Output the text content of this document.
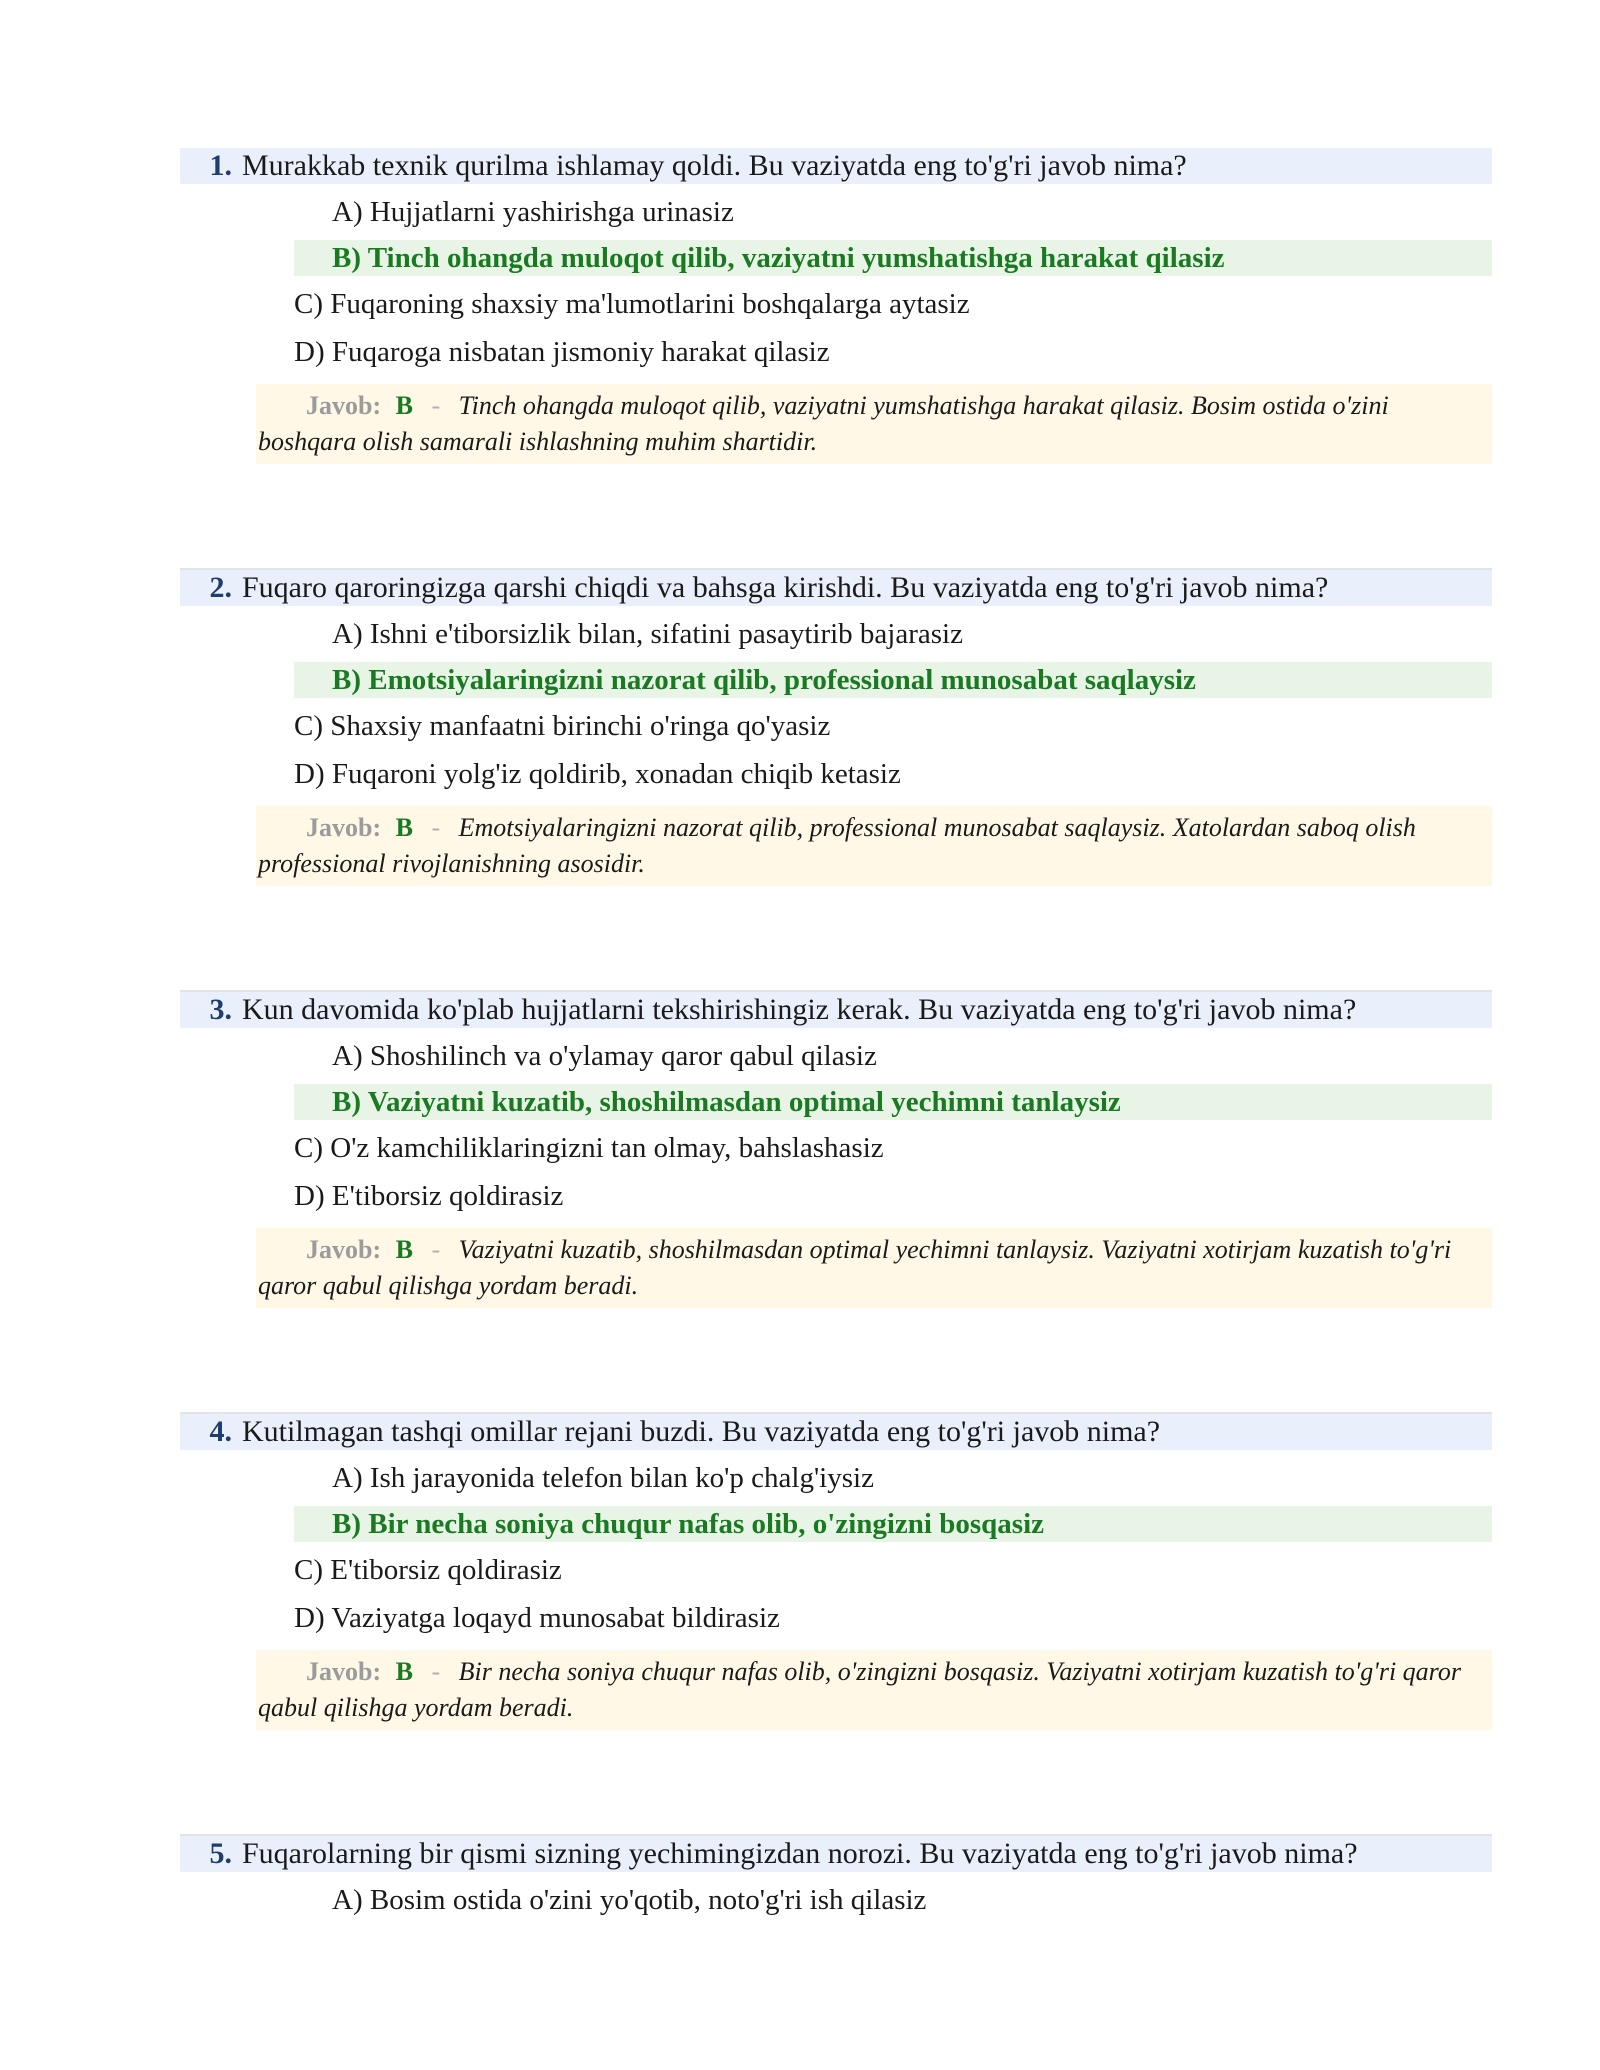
1. Murakkab texnik qurilma ishlamay qoldi. Bu vaziyatda eng to'g'ri javob nima?
A) Hujjatlarni yashirishga urinasiz
B) Tinch ohangda muloqot qilib, vaziyatni yumshatishga harakat qilasiz
C) Fuqaroning shaxsiy ma'lumotlarini boshqalarga aytasiz
D) Fuqaroga nisbatan jismoniy harakat qilasiz
Javob: B - Tinch ohangda muloqot qilib, vaziyatni yumshatishga harakat qilasiz. Bosim ostida o'zini boshqara olish samarali ishlashning muhim shartidir.
2. Fuqaro qaroringizga qarshi chiqdi va bahsga kirishdi. Bu vaziyatda eng to'g'ri javob nima?
A) Ishni e'tiborsizlik bilan, sifatini pasaytirib bajarasiz
B) Emotsiyalaringizni nazorat qilib, professional munosabat saqlaysiz
C) Shaxsiy manfaatni birinchi o'ringa qo'yasiz
D) Fuqaroni yolg'iz qoldirib, xonadan chiqib ketasiz
Javob: B - Emotsiyalaringizni nazorat qilib, professional munosabat saqlaysiz. Xatolardan saboq olish professional rivojlanishning asosidir.
3. Kun davomida ko'plab hujjatlarni tekshirishingiz kerak. Bu vaziyatda eng to'g'ri javob nima?
A) Shoshilinch va o'ylamay qaror qabul qilasiz
B) Vaziyatni kuzatib, shoshilmasdan optimal yechimni tanlaysiz
C) O'z kamchiliklaringizni tan olmay, bahslashasiz
D) E'tiborsiz qoldirasiz
Javob: B - Vaziyatni kuzatib, shoshilmasdan optimal yechimni tanlaysiz. Vaziyatni xotirjam kuzatish to'g'ri qaror qabul qilishga yordam beradi.
4. Kutilmagan tashqi omillar rejani buzdi. Bu vaziyatda eng to'g'ri javob nima?
A) Ish jarayonida telefon bilan ko'p chalg'iysiz
B) Bir necha soniya chuqur nafas olib, o'zingizni bosqasiz
C) E'tiborsiz qoldirasiz
D) Vaziyatga loqayd munosabat bildirasiz
Javob: B - Bir necha soniya chuqur nafas olib, o'zingizni bosqasiz. Vaziyatni xotirjam kuzatish to'g'ri qaror qabul qilishga yordam beradi.
5. Fuqarolarning bir qismi sizning yechimingizdan norozi. Bu vaziyatda eng to'g'ri javob nima?
A) Bosim ostida o'zini yo'qotib, noto'g'ri ish qilasiz
